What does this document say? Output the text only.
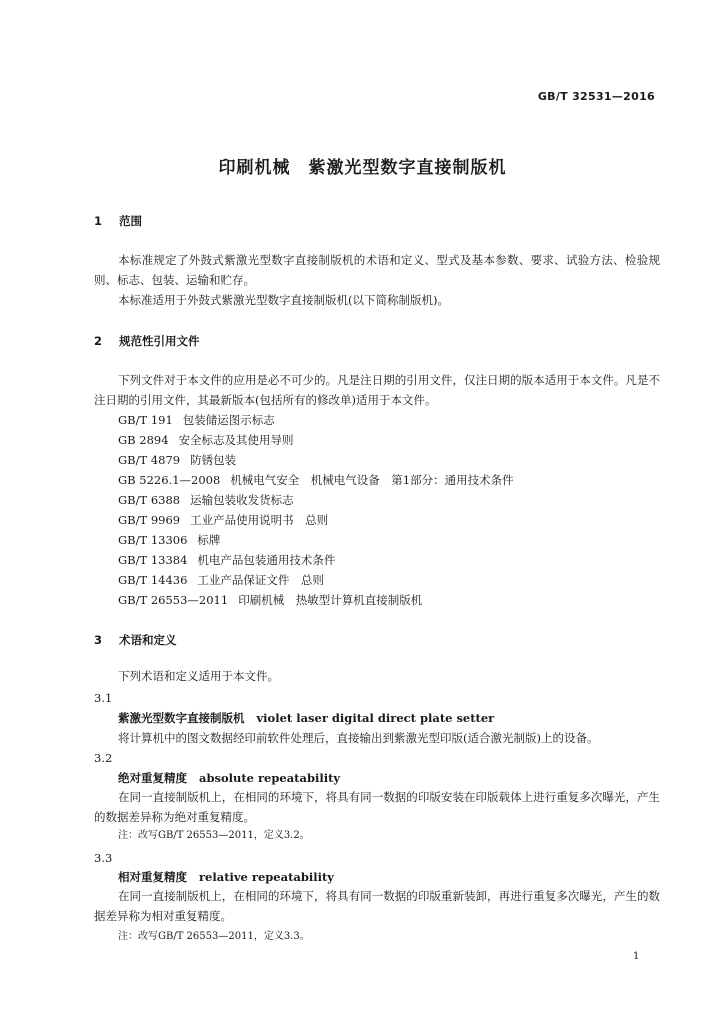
GB/T 32531—2016
印刷机械　紫激光型数字直接制版机
1 范围
本标准规定了外鼓式紫激光型数字直接制版机的术语和定义、型式及基本参数、要求、试验方法、检验规则、标志、包装、运输和贮存。
本标准适用于外鼓式紫激光型数字直接制版机(以下简称制版机)。
2 规范性引用文件
下列文件对于本文件的应用是必不可少的。凡是注日期的引用文件，仅注日期的版本适用于本文件。凡是不注日期的引用文件，其最新版本(包括所有的修改单)适用于本文件。
GB/T 191 包装储运图示标志
GB 2894 安全标志及其使用导则
GB/T 4879 防锈包装
GB 5226.1—2008 机械电气安全　机械电气设备　第1部分：通用技术条件
GB/T 6388 运输包装收发货标志
GB/T 9969 工业产品使用说明书　总则
GB/T 13306 标牌
GB/T 13384 机电产品包装通用技术条件
GB/T 14436 工业产品保证文件　总则
GB/T 26553—2011 印刷机械　热敏型计算机直接制版机
3 术语和定义
下列术语和定义适用于本文件。
3.1
紫激光型数字直接制版机 violet laser digital direct plate setter
将计算机中的图文数据经印前软件处理后，直接输出到紫激光型印版(适合激光制版)上的设备。
3.2
绝对重复精度 absolute repeatability
在同一直接制版机上，在相同的环境下，将具有同一数据的印版安装在印版载体上进行重复多次曝光，产生的数据差异称为绝对重复精度。
注：改写GB/T 26553—2011，定义3.2。
3.3
相对重复精度 relative repeatability
在同一直接制版机上，在相同的环境下，将具有同一数据的印版重新装卸，再进行重复多次曝光，产生的数据差异称为相对重复精度。
注：改写GB/T 26553—2011，定义3.3。
1
